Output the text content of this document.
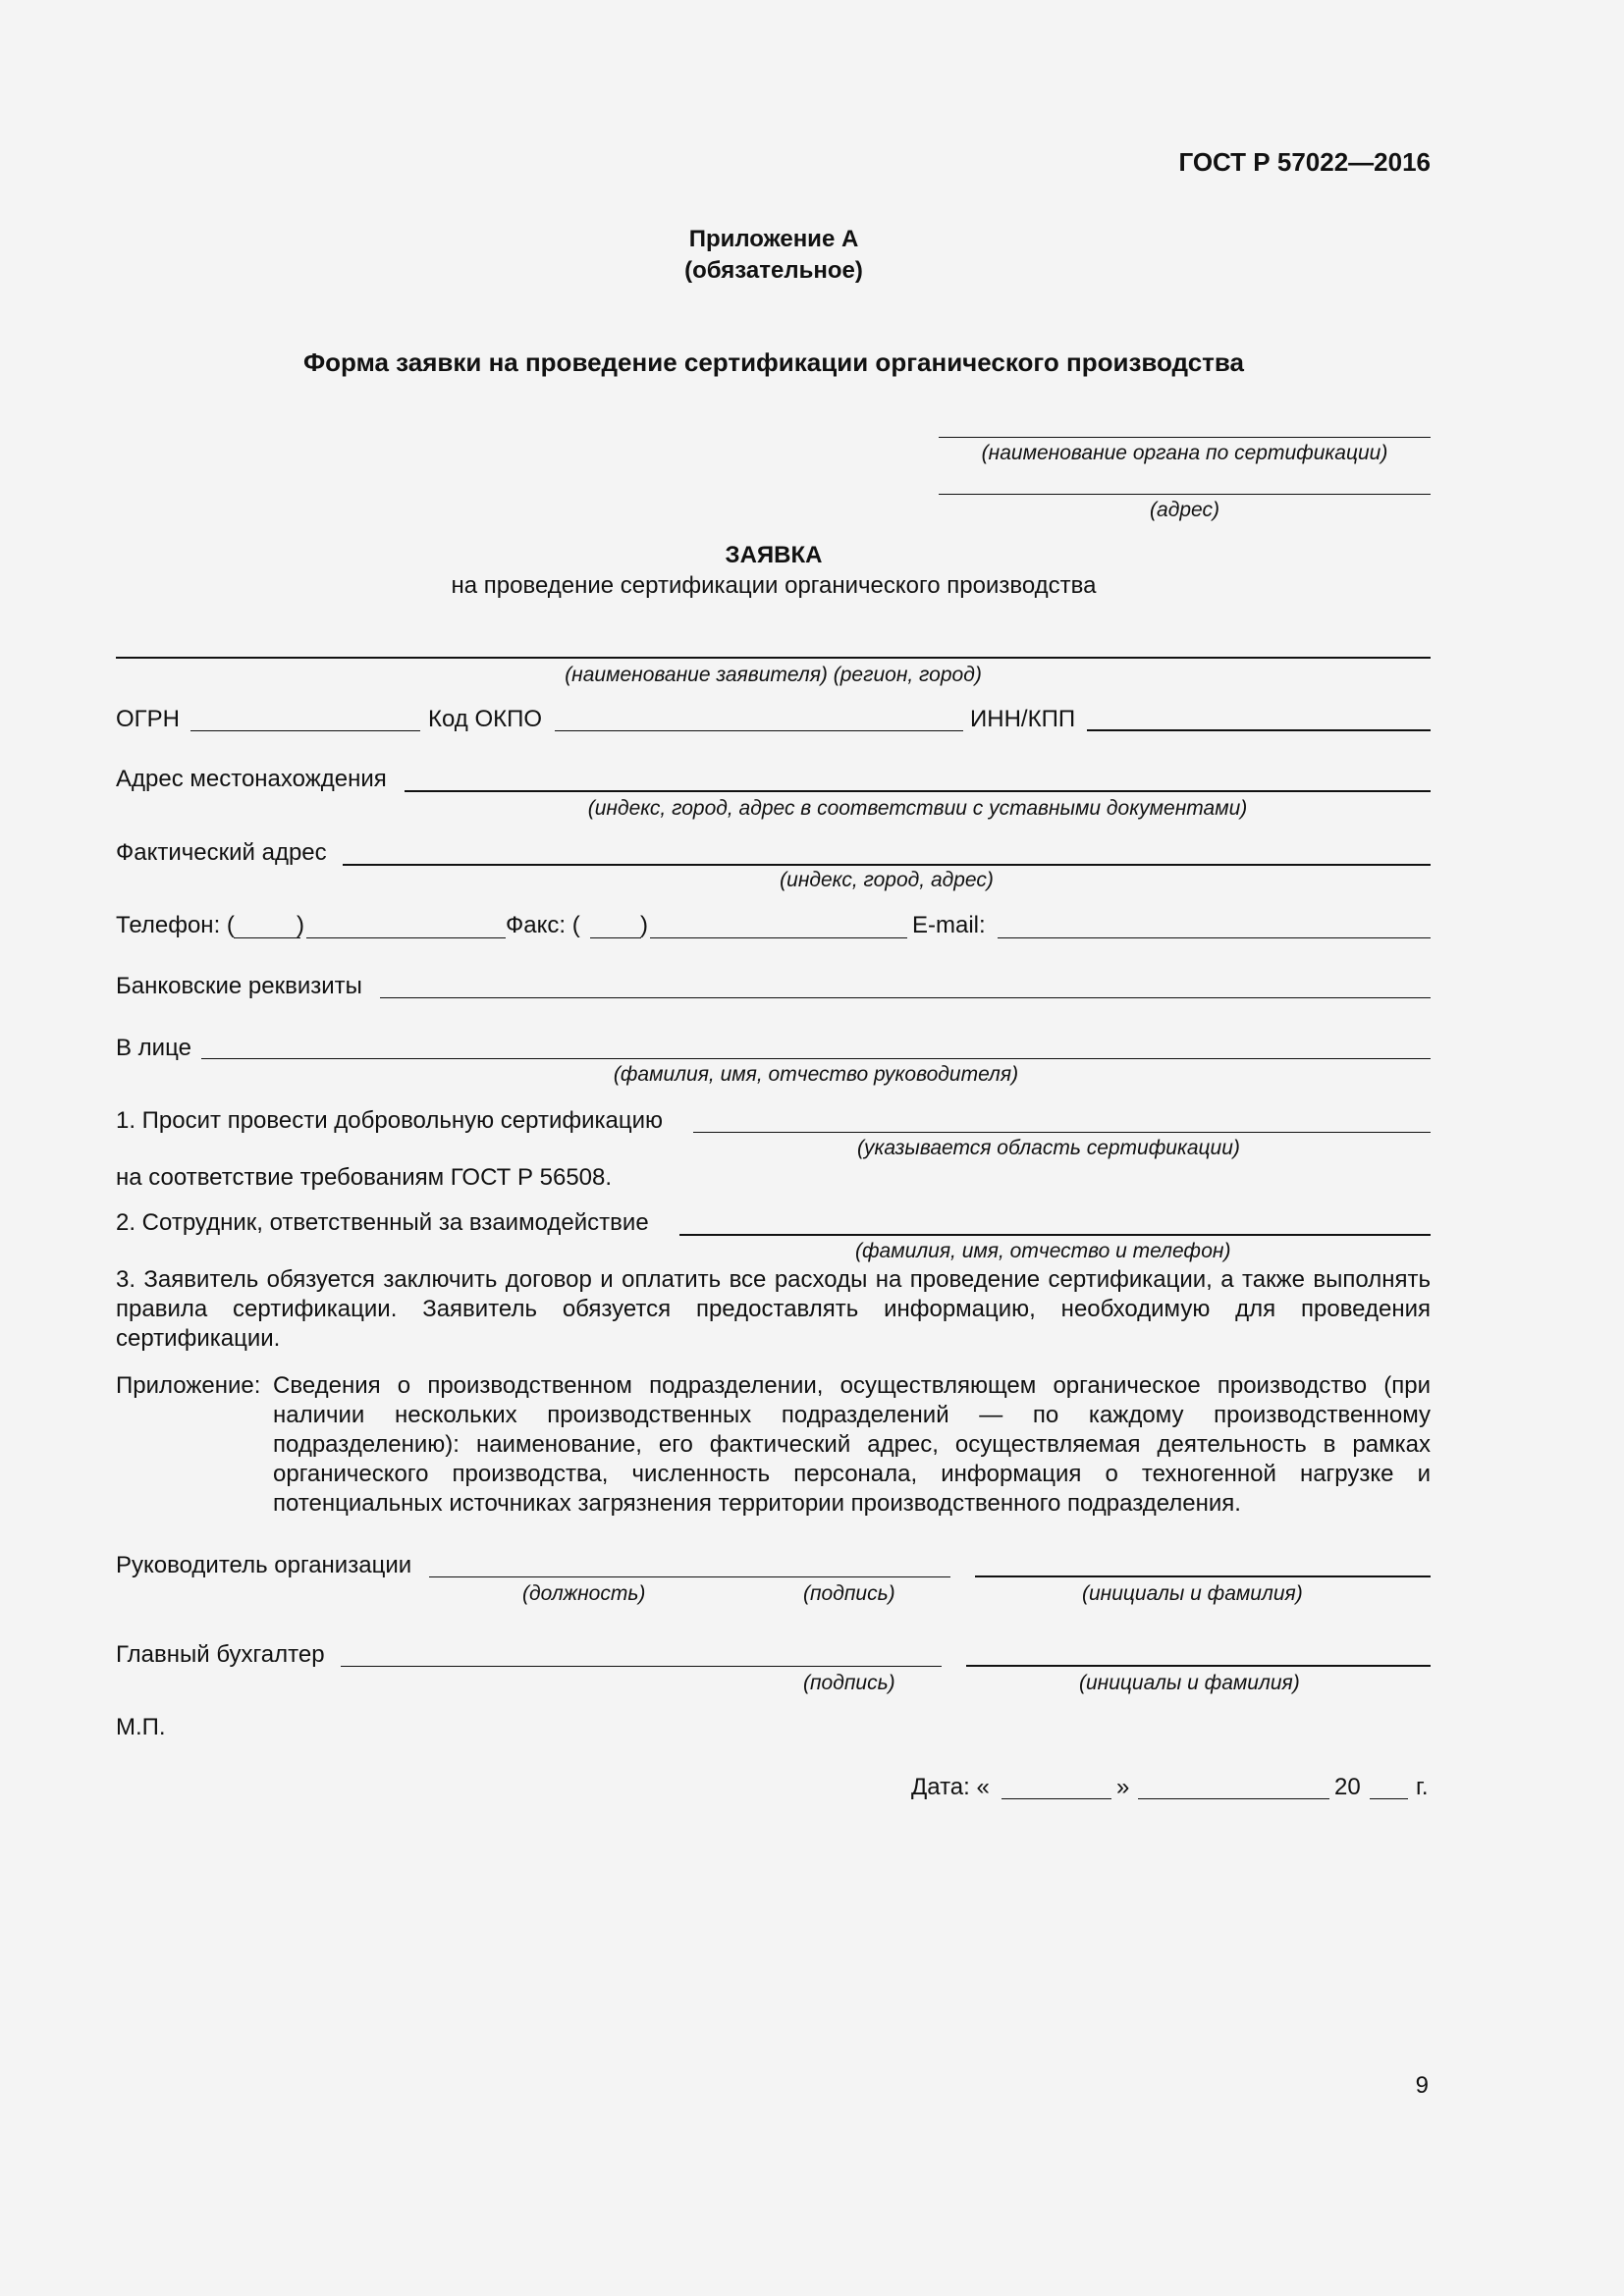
ГОСТ Р 57022—2016
Приложение А
(обязательное)
Форма заявки на проведение сертификации органического производства
(наименование органа по сертификации)
(адрес)
ЗАЯВКА
на проведение сертификации органического производства
(наименование заявителя) (регион, город)
ОГРН	Код ОКПО	ИНН/КПП
Адрес местонахождения
(индекс, город, адрес в соответствии с уставными документами)
Фактический адрес
(индекс, город, адрес)
Телефон: (	)	Факс: (	)	E-mail:
Банковские реквизиты
В лице
(фамилия, имя, отчество руководителя)
1. Просит провести добровольную сертификацию
(указывается область сертификации)
на соответствие требованиям ГОСТ Р 56508.
2. Сотрудник, ответственный за взаимодействие
(фамилия, имя, отчество и телефон)
3. Заявитель обязуется заключить договор и оплатить все расходы на проведение сертификации, а также выполнять правила сертификации. Заявитель обязуется предоставлять информацию, необходимую для проведения сертификации.
Приложение: Сведения о производственном подразделении, осуществляющем органическое производство (при наличии нескольких производственных подразделений — по каждому производственному подразделению): наименование, его фактический адрес, осуществляемая деятельность в рамках органического производства, численность персонала, информация о техногенной нагрузке и потенциальных источниках загрязнения территории производственного подразделения.
Руководитель организации
(должность)	(подпись)	(инициалы и фамилия)
Главный бухгалтер
(подпись)	(инициалы и фамилия)
М.П.
Дата: «	»	20 г.
9
